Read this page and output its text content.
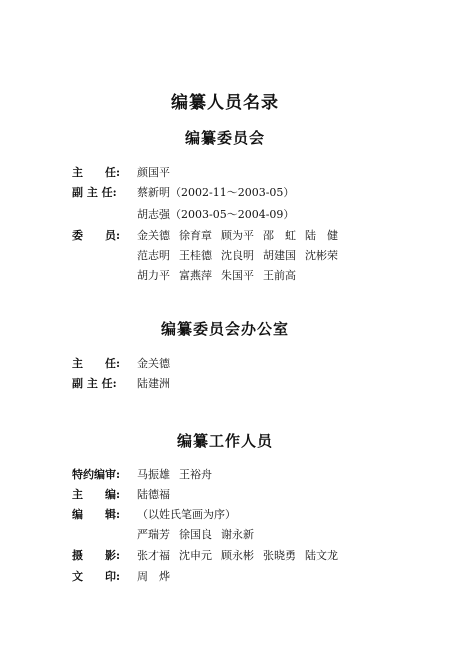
编纂人员名录
编纂委员会
主　　任:	颜国平
副 主 任:	蔡新明（2002-11～2003-05）
胡志强（2003-05～2004-09）
委　　员:	金关德 徐育章 顾为平 邵　虹 陆　健
范志明 王桂德 沈良明 胡建国 沈彬荣
胡力平 富燕萍 朱国平 王前高
编纂委员会办公室
主　　任:	金关德
副 主 任:	陆建洲
编纂工作人员
特约编审:	马振雄 王裕舟
主　　编:	陆德福
编　　辑:	（以姓氏笔画为序）
严瑞芳 徐国良 谢永新
摄　　影:	张才福 沈申元 顾永彬 张晓勇 陆文龙
文　　印:	周　烨
